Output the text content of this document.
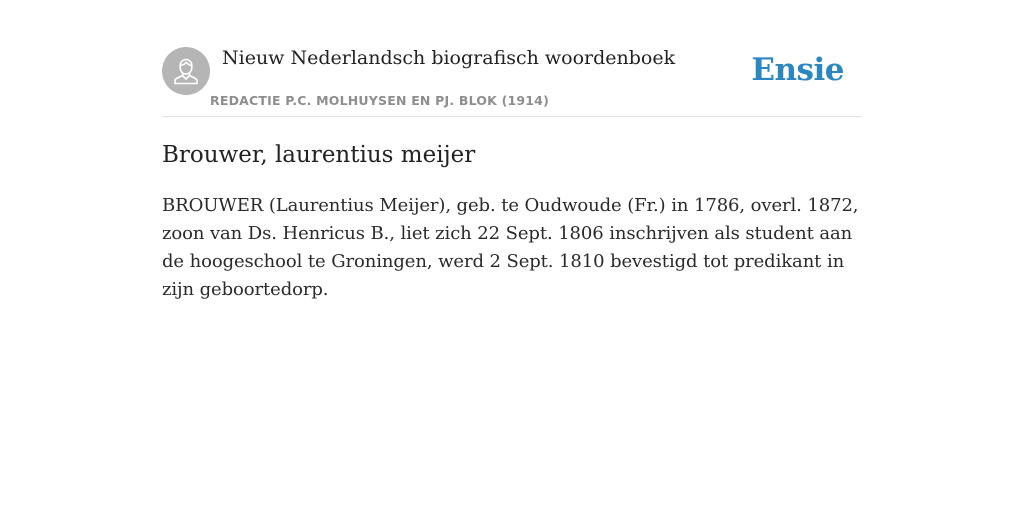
Nieuw Nederlandsch biografisch woordenboek
REDACTIE P.C. MOLHUYSEN EN PJ. BLOK (1914)
Ensie
Brouwer, laurentius meijer

BROUWER (Laurentius Meijer), geb. te Oudwoude (Fr.) in 1786, overl. 1872, zoon van Ds. Henricus B., liet zich 22 Sept. 1806 inschrijven als student aan de hoogeschool te Groningen, werd 2 Sept. 1810 bevestigd tot predikant in zijn geboortedorp.
